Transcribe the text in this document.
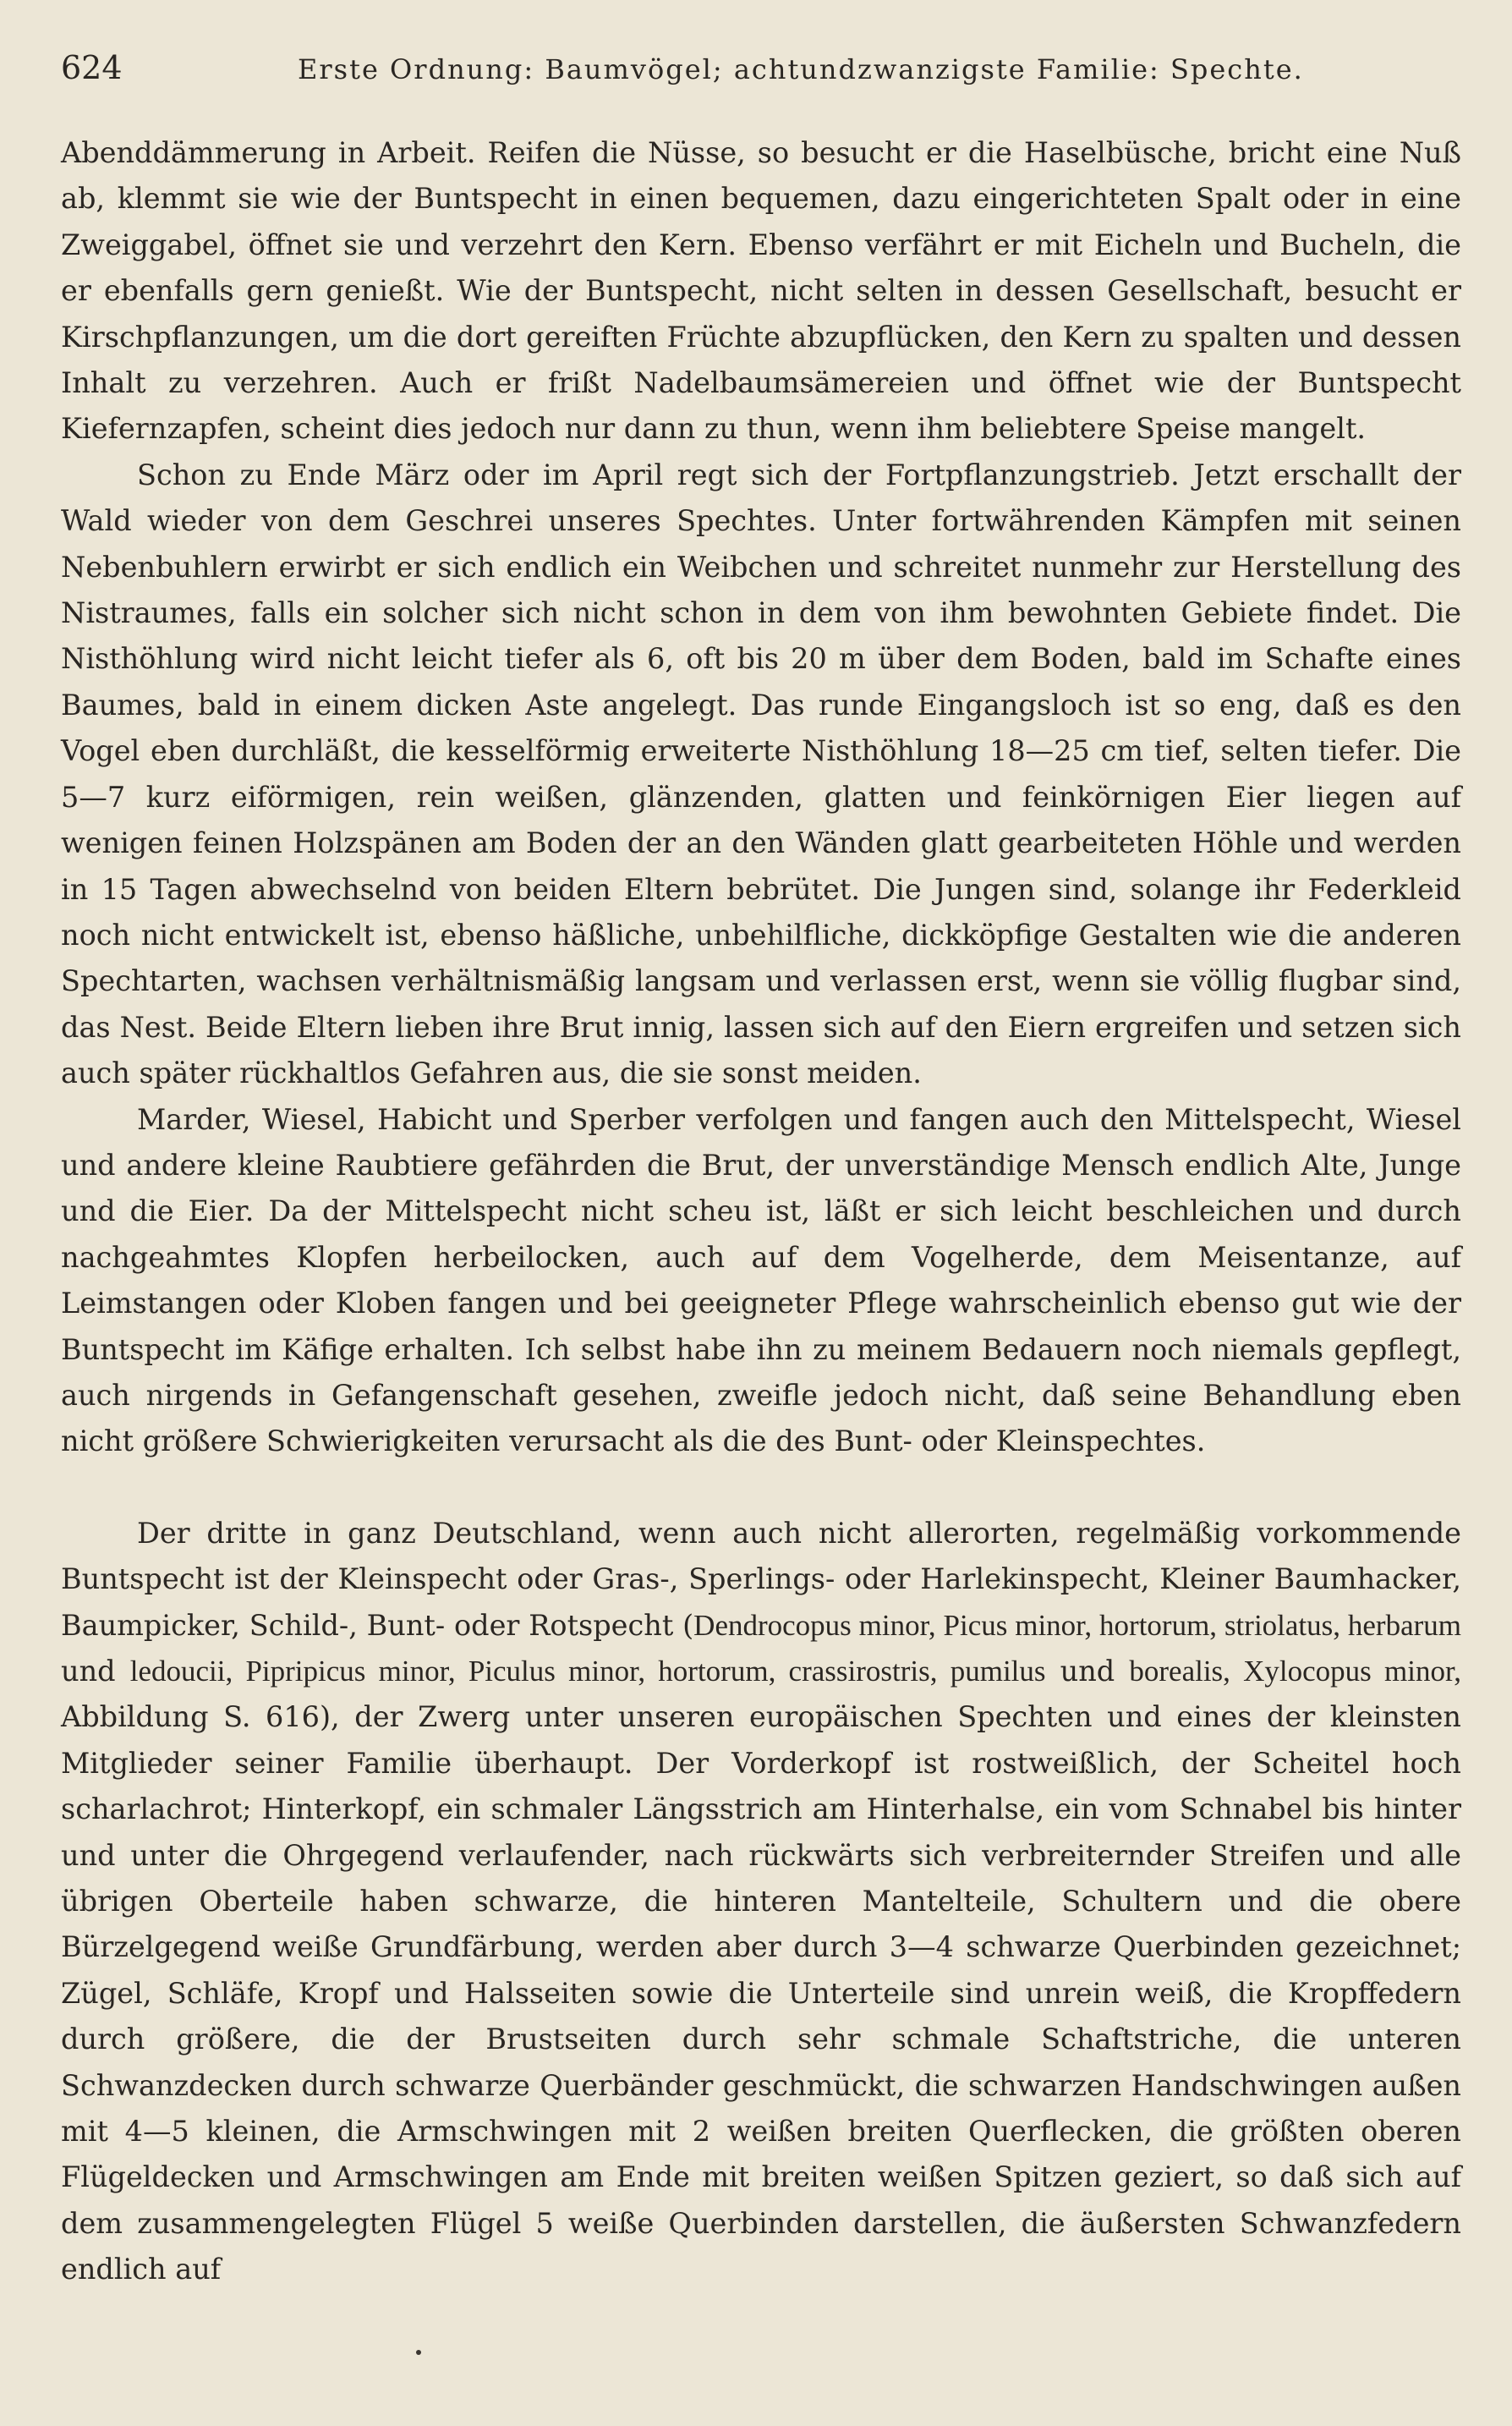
624	Erste Ordnung: Baumvögel; achtundzwanzigste Familie: Spechte.

Abenddämmerung in Arbeit. Reifen die Nüsse, so besucht er die Haselbüsche, bricht eine Nuß ab, klemmt sie wie der Buntspecht in einen bequemen, dazu eingerichteten Spalt oder in eine Zweiggabel, öffnet sie und verzehrt den Kern. Ebenso verfährt er mit Eicheln und Bucheln, die er ebenfalls gern genießt. Wie der Buntspecht, nicht selten in dessen Gesellschaft, besucht er Kirschpflanzungen, um die dort gereiften Früchte abzupflücken, den Kern zu spalten und dessen Inhalt zu verzehren. Auch er frißt Nadelbaumsämereien und öffnet wie der Buntspecht Kiefernzapfen, scheint dies jedoch nur dann zu thun, wenn ihm beliebtere Speise mangelt.

Schon zu Ende März oder im April regt sich der Fortpflanzungstrieb. Jetzt erschallt der Wald wieder von dem Geschrei unseres Spechtes. Unter fortwährenden Kämpfen mit seinen Nebenbuhlern erwirbt er sich endlich ein Weibchen und schreitet nunmehr zur Herstellung des Nistraumes, falls ein solcher sich nicht schon in dem von ihm bewohnten Gebiete findet. Die Nisthöhlung wird nicht leicht tiefer als 6, oft bis 20 m über dem Boden, bald im Schafte eines Baumes, bald in einem dicken Aste angelegt. Das runde Eingangsloch ist so eng, daß es den Vogel eben durchläßt, die kesselförmig erweiterte Nisthöhlung 18—25 cm tief, selten tiefer. Die 5—7 kurz eiförmigen, rein weißen, glänzenden, glatten und feinkörnigen Eier liegen auf wenigen feinen Holzspänen am Boden der an den Wänden glatt gearbeiteten Höhle und werden in 15 Tagen abwechselnd von beiden Eltern bebrütet. Die Jungen sind, solange ihr Federkleid noch nicht entwickelt ist, ebenso häßliche, unbehilfliche, dickköpfige Gestalten wie die anderen Spechtarten, wachsen verhältnismäßig langsam und verlassen erst, wenn sie völlig flugbar sind, das Nest. Beide Eltern lieben ihre Brut innig, lassen sich auf den Eiern ergreifen und setzen sich auch später rückhaltlos Gefahren aus, die sie sonst meiden.

Marder, Wiesel, Habicht und Sperber verfolgen und fangen auch den Mittelspecht, Wiesel und andere kleine Raubtiere gefährden die Brut, der unverständige Mensch endlich Alte, Junge und die Eier. Da der Mittelspecht nicht scheu ist, läßt er sich leicht beschleichen und durch nachgeahmtes Klopfen herbeilocken, auch auf dem Vogelherde, dem Meisentanze, auf Leimstangen oder Kloben fangen und bei geeigneter Pflege wahrscheinlich ebenso gut wie der Buntspecht im Käfige erhalten. Ich selbst habe ihn zu meinem Bedauern noch niemals gepflegt, auch nirgends in Gefangenschaft gesehen, zweifle jedoch nicht, daß seine Behandlung eben nicht größere Schwierigkeiten verursacht als die des Bunt- oder Kleinspechtes.

Der dritte in ganz Deutschland, wenn auch nicht allerorten, regelmäßig vorkommende Buntspecht ist der Kleinspecht oder Gras-, Sperlings- oder Harlekinspecht, Kleiner Baumhacker, Baumpicker, Schild-, Bunt- oder Rotspecht (Dendrocopus minor, Picus minor, hortorum, striolatus, herbarum und ledoucii, Pipripicus minor, Piculus minor, hortorum, crassirostris, pumilus und borealis, Xylocopus minor, Abbildung S. 616), der Zwerg unter unseren europäischen Spechten und eines der kleinsten Mitglieder seiner Familie überhaupt. Der Vorderkopf ist rostweißlich, der Scheitel hoch scharlachrot; Hinterkopf, ein schmaler Längsstrich am Hinterhalse, ein vom Schnabel bis hinter und unter die Ohrgegend verlaufender, nach rückwärts sich verbreiternder Streifen und alle übrigen Oberteile haben schwarze, die hinteren Mantelteile, Schultern und die obere Bürzelgegend weiße Grundfärbung, werden aber durch 3—4 schwarze Querbinden gezeichnet; Zügel, Schläfe, Kropf und Halsseiten sowie die Unterteile sind unrein weiß, die Kropffedern durch größere, die der Brustseiten durch sehr schmale Schaftstriche, die unteren Schwanzdecken durch schwarze Querbänder geschmückt, die schwarzen Handschwingen außen mit 4—5 kleinen, die Armschwingen mit 2 weißen breiten Querflecken, die größten oberen Flügeldecken und Armschwingen am Ende mit breiten weißen Spitzen geziert, so daß sich auf dem zusammengelegten Flügel 5 weiße Querbinden darstellen, die äußersten Schwanzfedern endlich auf
